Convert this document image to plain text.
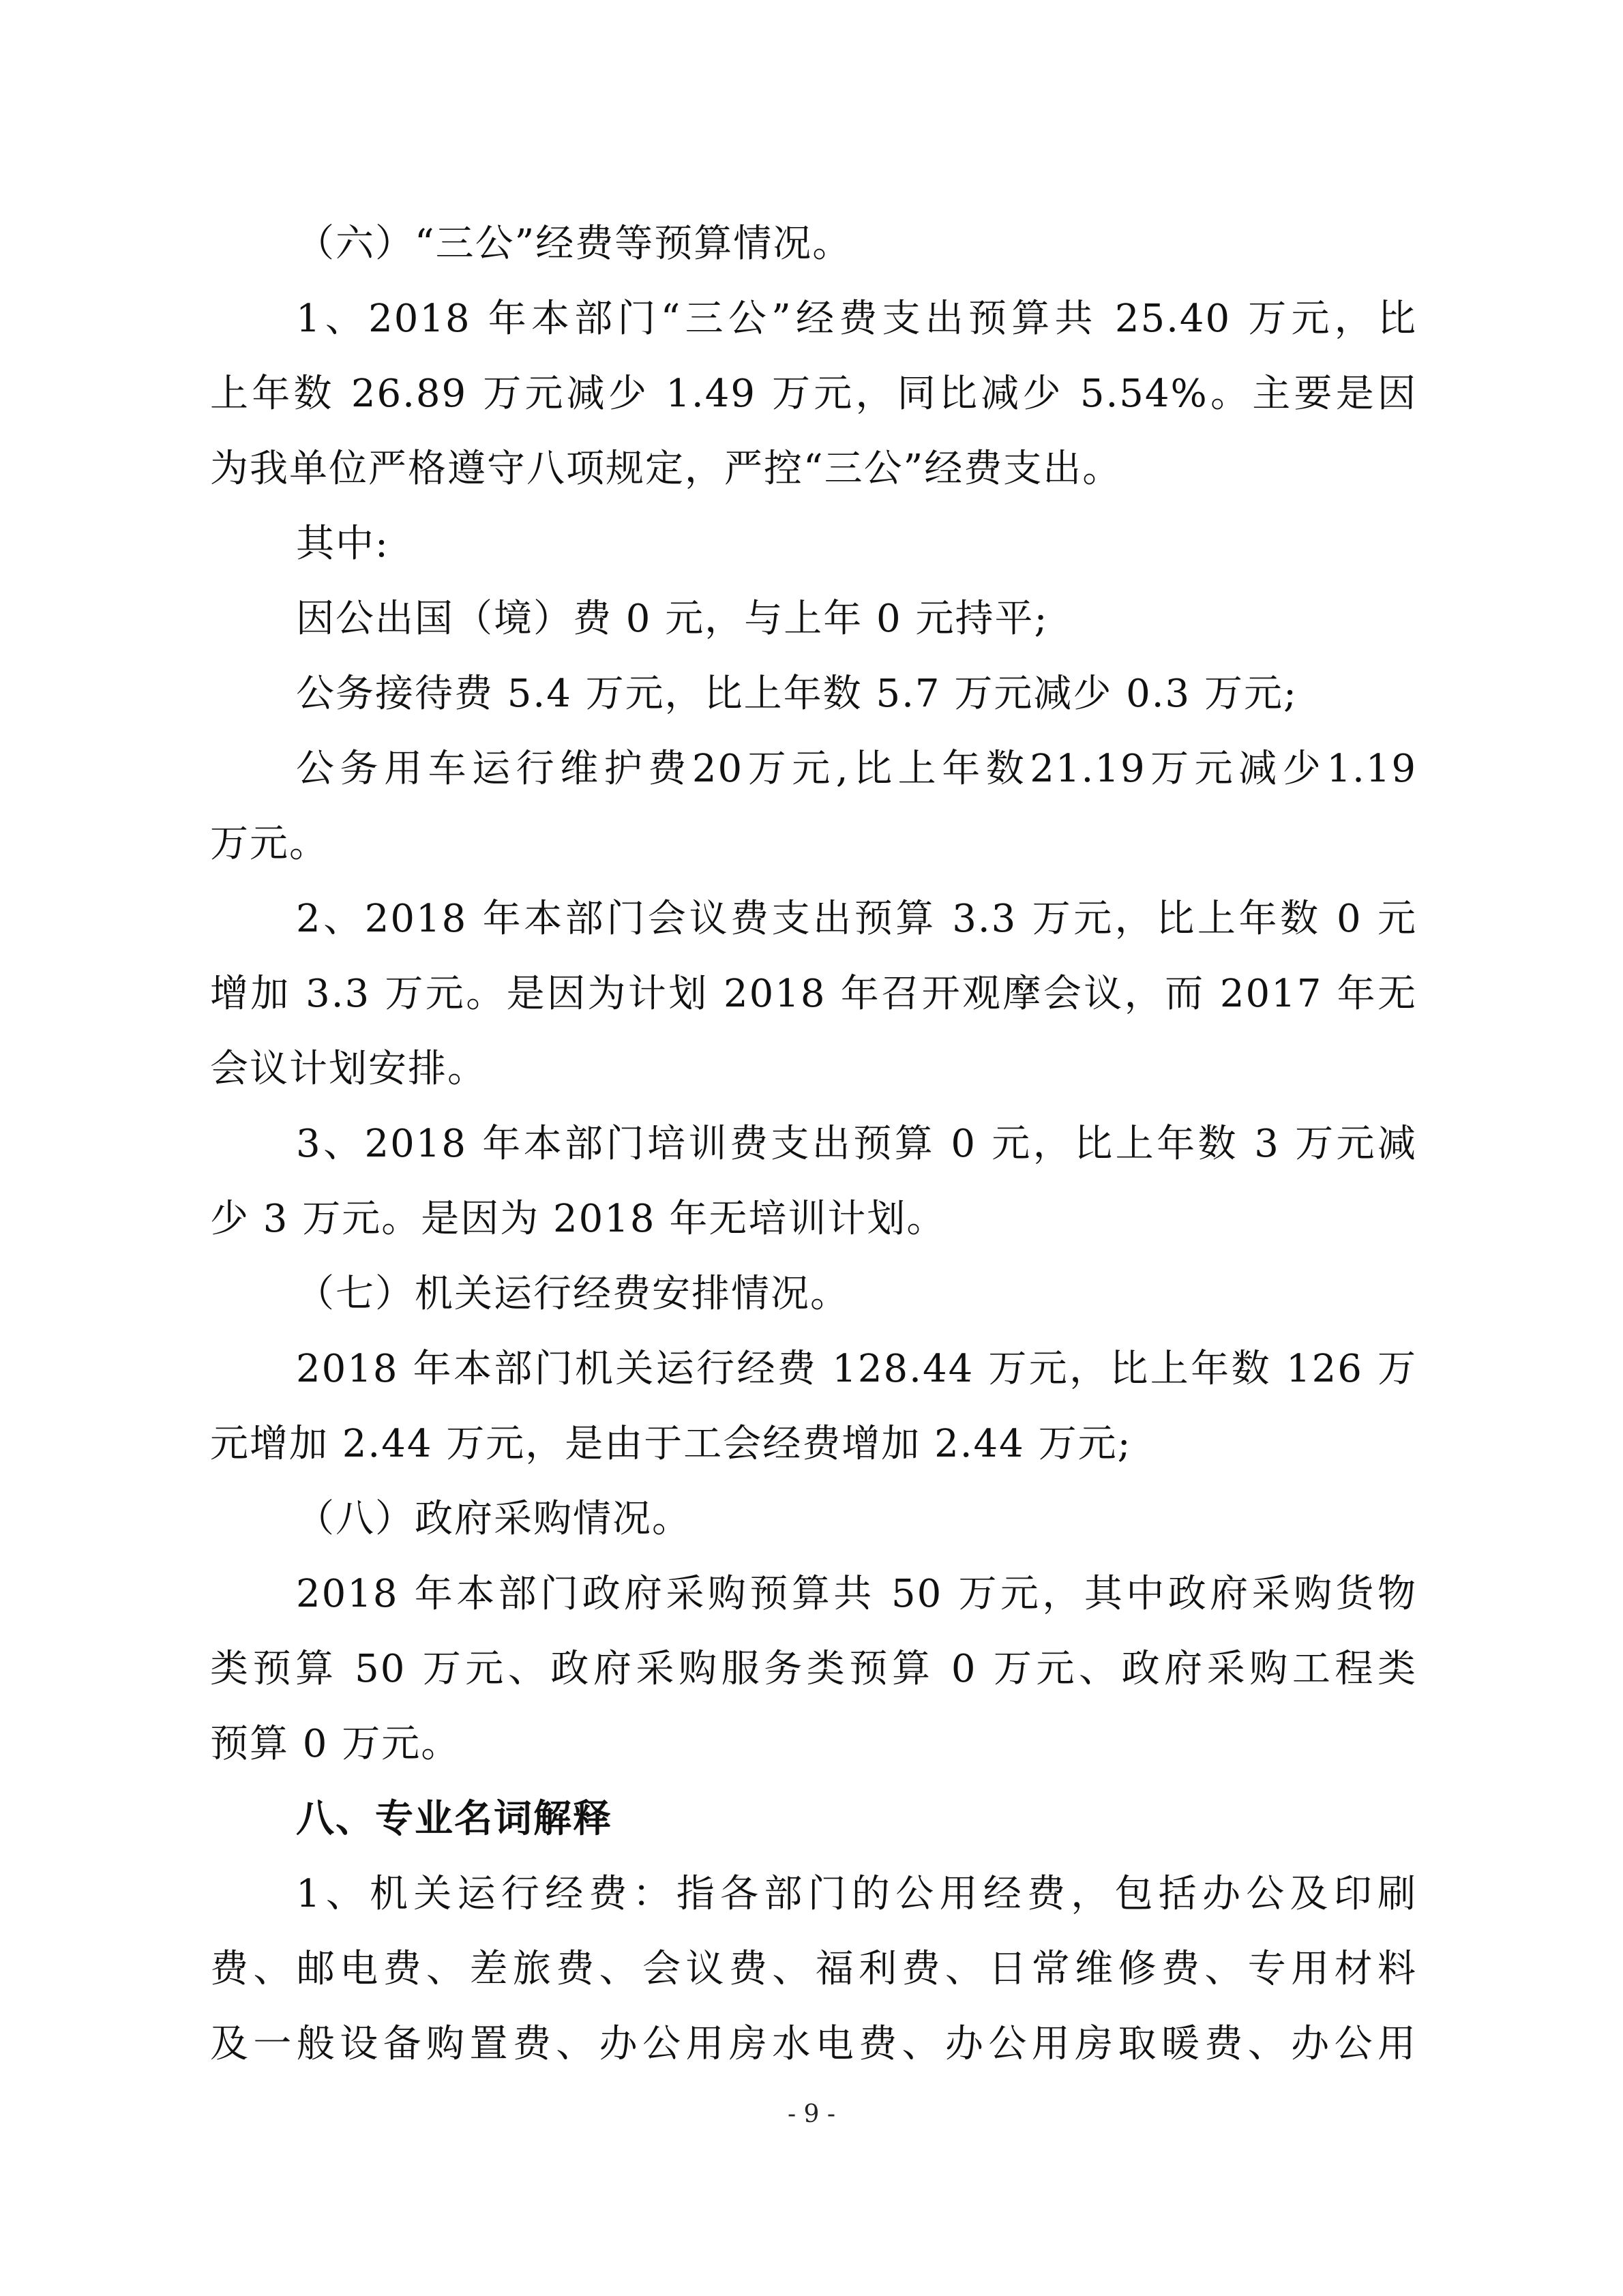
（六）“三公”经费等预算情况。
1、2018 年本部门“三公”经费支出预算共 25.40 万元，比
上年数 26.89 万元减少 1.49 万元，同比减少 5.54%。主要是因
为我单位严格遵守八项规定，严控“三公”经费支出。
其中:
因公出国（境）费 0 元，与上年 0 元持平;
公务接待费 5.4 万元，比上年数 5.7 万元减少 0.3 万元;
公务用车运行维护费20万元,比上年数21.19万元减少1.19
万元。
2、2018 年本部门会议费支出预算 3.3 万元，比上年数 0 元
增加 3.3 万元。是因为计划 2018 年召开观摩会议，而 2017 年无
会议计划安排。
3、2018 年本部门培训费支出预算 0 元，比上年数 3 万元减
少 3 万元。是因为 2018 年无培训计划。
（七）机关运行经费安排情况。
2018 年本部门机关运行经费 128.44 万元，比上年数 126 万
元增加 2.44 万元，是由于工会经费增加 2.44 万元;
（八）政府采购情况。
2018 年本部门政府采购预算共 50 万元，其中政府采购货物
类预算 50 万元、政府采购服务类预算 0 万元、政府采购工程类
预算 0 万元。
八、专业名词解释
1、机关运行经费：指各部门的公用经费，包括办公及印刷
费、邮电费、差旅费、会议费、福利费、日常维修费、专用材料
及一般设备购置费、办公用房水电费、办公用房取暖费、办公用
- 9 -
